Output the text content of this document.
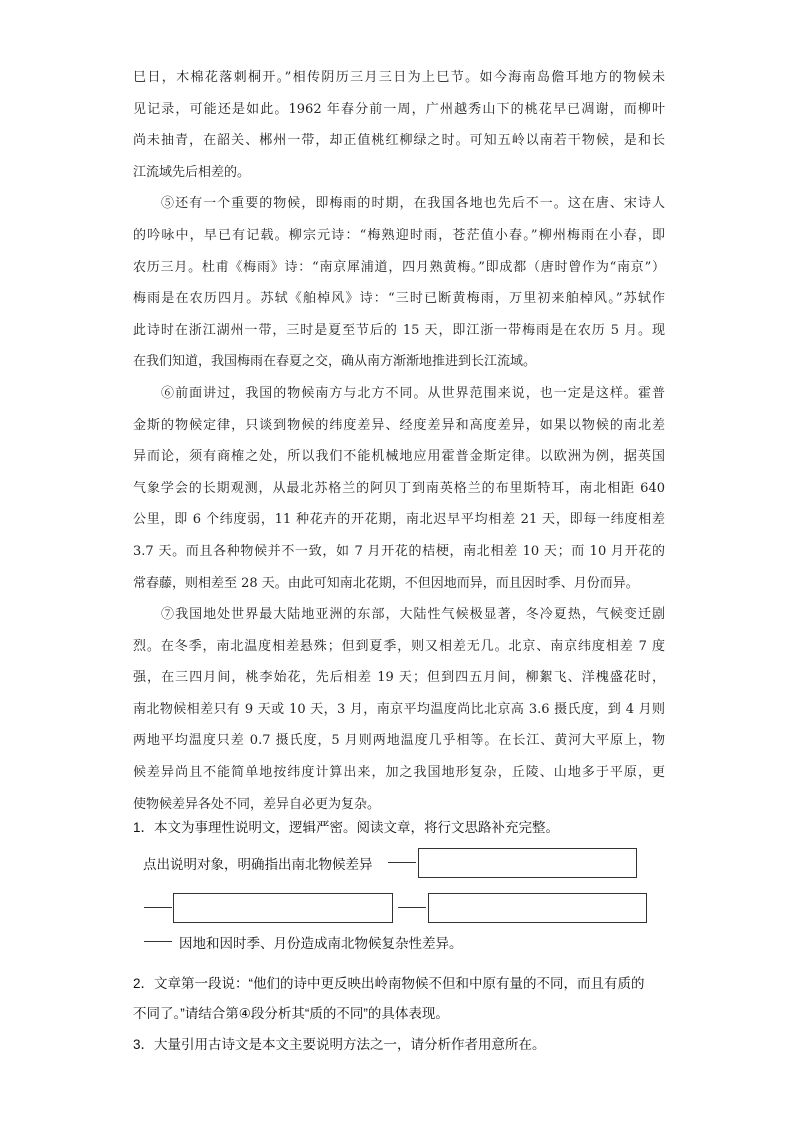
巳日，木棉花落刺桐开。”相传阴历三月三日为上巳节。如今海南岛儋耳地方的物候未
见记录，可能还是如此。1962 年春分前一周，广州越秀山下的桃花早已凋谢，而柳叶
尚未抽青，在韶关、郴州一带，却正值桃红柳绿之时。可知五岭以南若干物候，是和长
江流域先后相差的。
　　⑤还有一个重要的物候，即梅雨的时期，在我国各地也先后不一。这在唐、宋诗人
的吟咏中，早已有记载。柳宗元诗：“梅熟迎时雨，苍茫值小春。”柳州梅雨在小春，即
农历三月。杜甫《梅雨》诗：“南京犀浦道，四月熟黄梅。”即成都（唐时曾作为“南京”）
梅雨是在农历四月。苏轼《舶棹风》诗：“三时已断黄梅雨，万里初来舶棹风。”苏轼作
此诗时在浙江湖州一带，三时是夏至节后的 15 天，即江浙一带梅雨是在农历 5 月。现
在我们知道，我国梅雨在春夏之交，确从南方渐渐地推进到长江流域。
　　⑥前面讲过，我国的物候南方与北方不同。从世界范围来说，也一定是这样。霍普
金斯的物候定律，只谈到物候的纬度差异、经度差异和高度差异，如果以物候的南北差
异而论，须有商榷之处，所以我们不能机械地应用霍普金斯定律。以欧洲为例，据英国
气象学会的长期观测，从最北苏格兰的阿贝丁到南英格兰的布里斯特耳，南北相距 640
公里，即 6 个纬度弱，11 种花卉的开花期，南北迟早平均相差 21 天，即每一纬度相差
3.7 天。而且各种物候并不一致，如 7 月开花的桔梗，南北相差 10 天；而 10 月开花的
常春藤，则相差至 28 天。由此可知南北花期，不但因地而异，而且因时季、月份而异。
　　⑦我国地处世界最大陆地亚洲的东部，大陆性气候极显著，冬冷夏热，气候变迁剧
烈。在冬季，南北温度相差悬殊；但到夏季，则又相差无几。北京、南京纬度相差 7 度
强，在三四月间，桃李始花，先后相差 19 天；但到四五月间，柳絮飞、洋槐盛花时，
南北物候相差只有 9 天或 10 天，3 月，南京平均温度尚比北京高 3.6 摄氏度，到 4 月则
两地平均温度只差 0.7 摄氏度，5 月则两地温度几乎相等。在长江、黄河大平原上，物
候差异尚且不能简单地按纬度计算出来，加之我国地形复杂，丘陵、山地多于平原，更
使物候差异各处不同，差异自必更为复杂。
1．本文为事理性说明文，逻辑严密。阅读文章，将行文思路补充完整。
点出说明对象，明确指出南北物候差异
因地和因时季、月份造成南北物候复杂性差异。
2．文章第一段说：“他们的诗中更反映出岭南物候不但和中原有量的不同，而且有质的
不同了。”请结合第④段分析其“质的不同”的具体表现。
3．大量引用古诗文是本文主要说明方法之一，请分析作者用意所在。
